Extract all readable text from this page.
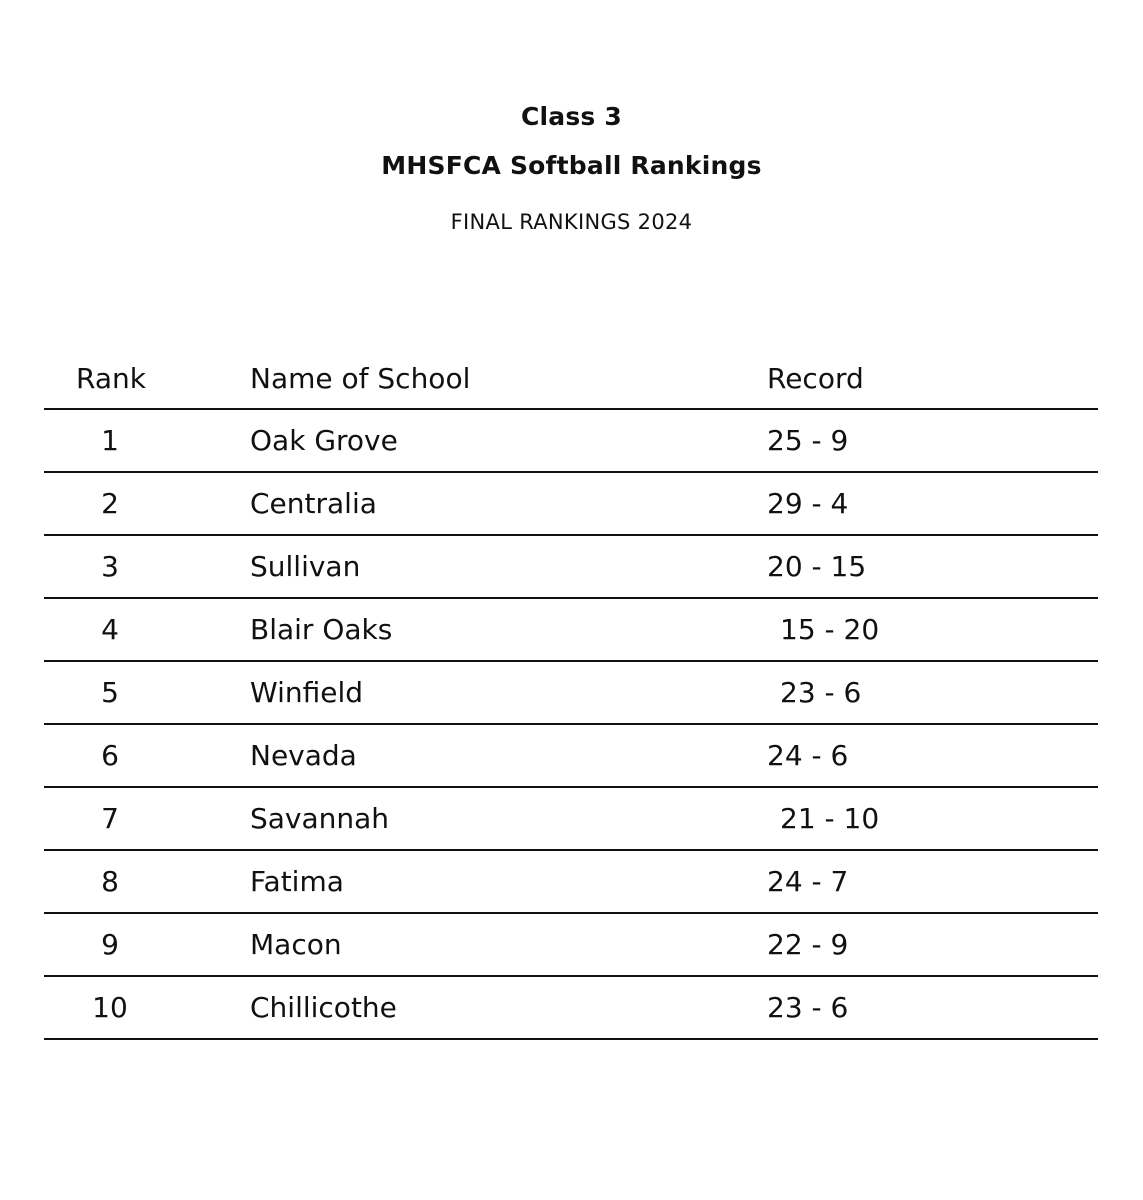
Class 3
MHSFCA Softball Rankings
FINAL RANKINGS 2024
Rank	Name of School	Record
1	Oak Grove	25 - 9
2	Centralia	29 - 4
3	Sullivan	20 - 15
4	Blair Oaks	15 - 20
5	Winfield	23 - 6
6	Nevada	24 - 6
7	Savannah	21 - 10
8	Fatima	24 - 7
9	Macon	22 - 9
10	Chillicothe	23 - 6
